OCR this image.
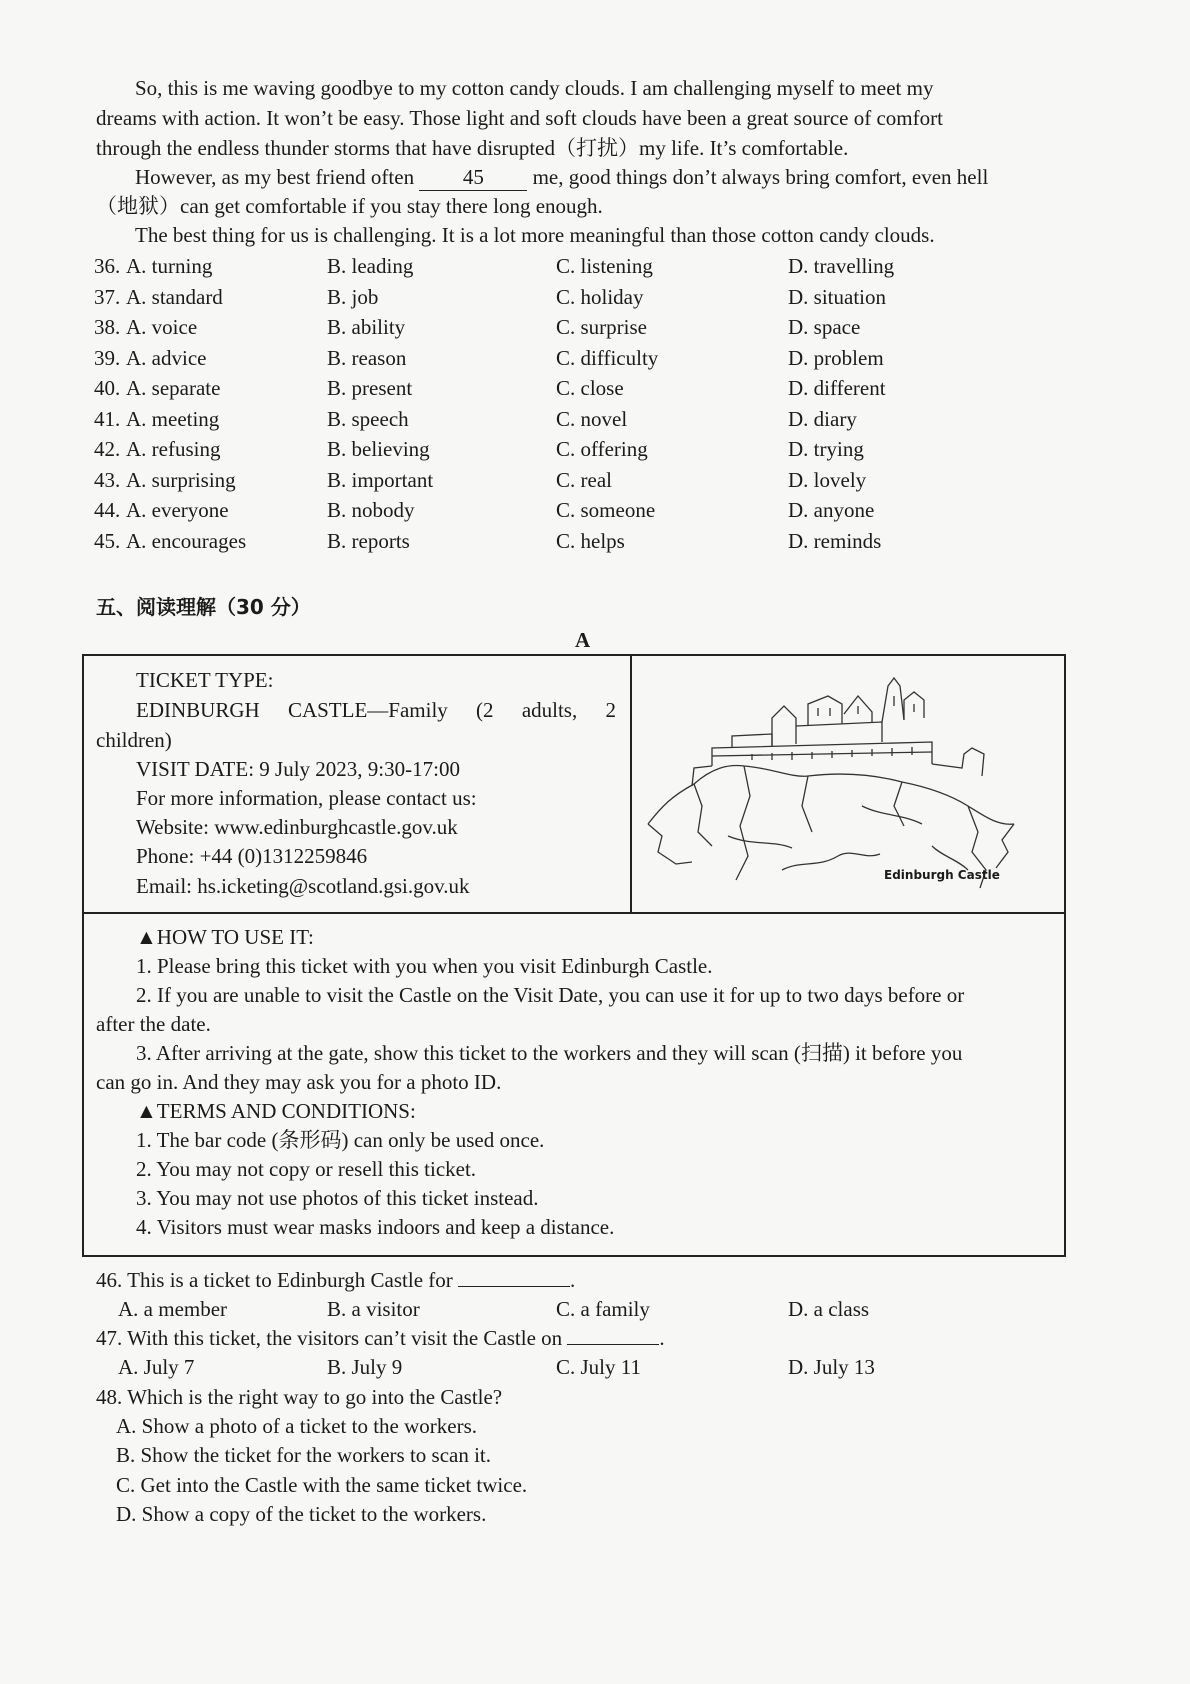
So, this is me waving goodbye to my cotton candy clouds. I am challenging myself to meet my
dreams with action. It won’t be easy. Those light and soft clouds have been a great source of comfort
through the endless thunder storms that have disrupted（打扰）my life. It’s comfortable.
However, as my best friend often 45 me, good things don’t always bring comfort, even hell
（地狱）can get comfortable if you stay there long enough.
The best thing for us is challenging. It is a lot more meaningful than those cotton candy clouds.
36. A. turning	B. leading	C. listening	D. travelling
37. A. standard	B. job	C. holiday	D. situation
38. A. voice	B. ability	C. surprise	D. space
39. A. advice	B. reason	C. difficulty	D. problem
40. A. separate	B. present	C. close	D. different
41. A. meeting	B. speech	C. novel	D. diary
42. A. refusing	B. believing	C. offering	D. trying
43. A. surprising	B. important	C. real	D. lovely
44. A. everyone	B. nobody	C. someone	D. anyone
45. A. encourages	B. reports	C. helps	D. reminds
五、阅读理解（30 分）
A
TICKET TYPE:
EDINBURGH CASTLE—Family (2 adults, 2
children)
VISIT DATE: 9 July 2023, 9:30-17:00
For more information, please contact us:
Website: www.edinburghcastle.gov.uk
Phone: +44 (0)1312259846
Email: hs.icketing@scotland.gsi.gov.uk	Edinburgh Castle
▲HOW TO USE IT:
1. Please bring this ticket with you when you visit Edinburgh Castle.
2. If you are unable to visit the Castle on the Visit Date, you can use it for up to two days before or
after the date.
3. After arriving at the gate, show this ticket to the workers and they will scan (扫描) it before you
can go in. And they may ask you for a photo ID.
▲TERMS AND CONDITIONS:
1. The bar code (条形码) can only be used once.
2. You may not copy or resell this ticket.
3. You may not use photos of this ticket instead.
4. Visitors must wear masks indoors and keep a distance.
46. This is a ticket to Edinburgh Castle for	.
A. a member	B. a visitor	C. a family	D. a class
47. With this ticket, the visitors can’t visit the Castle on	.
A. July 7	B. July 9	C. July 11	D. July 13
48. Which is the right way to go into the Castle?
A. Show a photo of a ticket to the workers.
B. Show the ticket for the workers to scan it.
C. Get into the Castle with the same ticket twice.
D. Show a copy of the ticket to the workers.
